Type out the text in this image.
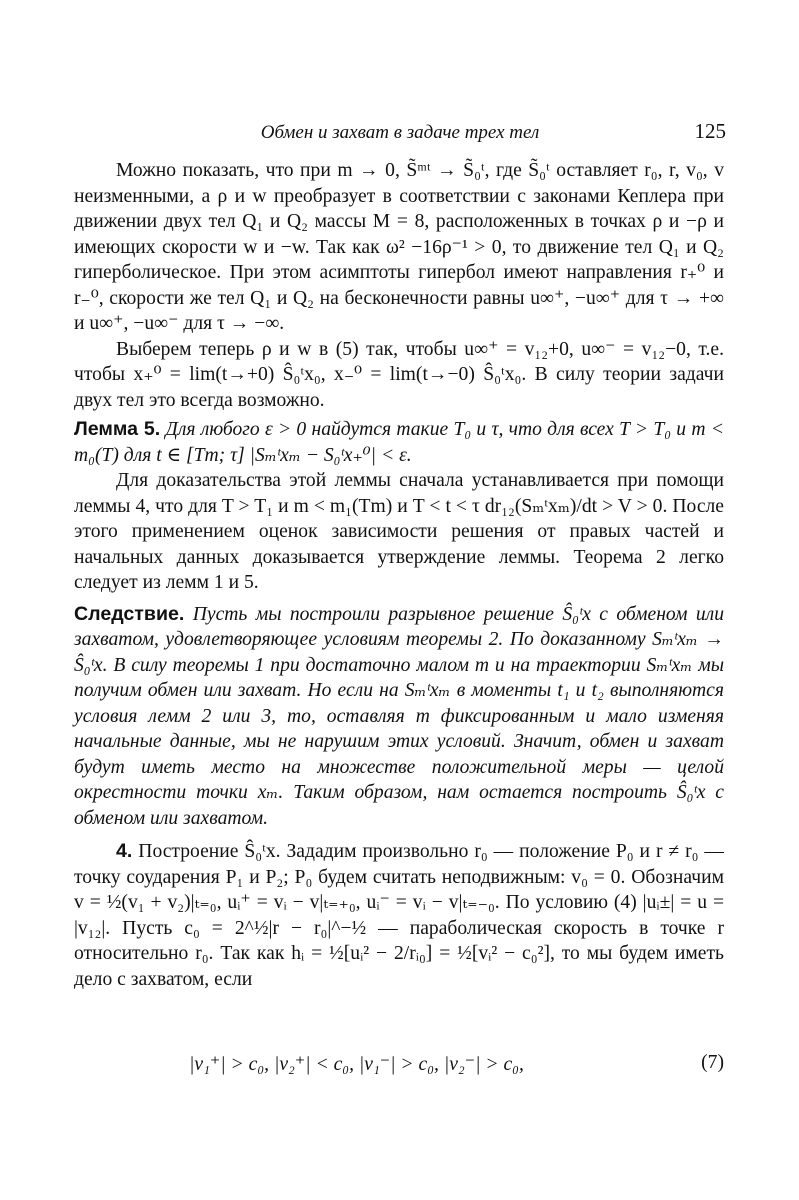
Обмен и захват в задаче трех тел	125

Можно показать, что при m → 0, S̃ᵐᵗ → S̃₀ᵗ, где S̃₀ᵗ оставляет r₀, r, v₀, v неизменными, а ρ и w преобразует в соответствии с законами Кеплера при движении двух тел Q₁ и Q₂ массы M = 8, расположенных в точках ρ и −ρ и имеющих скорости w и −w. Так как ω² −16ρ⁻¹ > 0, то движение тел Q₁ и Q₂ гиперболическое. При этом асимптоты гипербол имеют направления r₊⁰ и r₋⁰, скорости же тел Q₁ и Q₂ на бесконечности равны u∞⁺, −u∞⁺ для τ → +∞ и u∞⁺, −u∞⁻ для τ → −∞.

Выберем теперь ρ и w в (5) так, чтобы u∞⁺ = v₁₂+0, u∞⁻ = v₁₂−0, т.е. чтобы x₊⁰ = lim(t→+0) Ŝ₀ᵗx₀, x₋⁰ = lim(t→−0) Ŝ₀ᵗx₀. В силу теории задачи двух тел это всегда возможно.

Лемма 5. Для любого ε > 0 найдутся такие T₀ и τ, что для всех T > T₀ и m < m₀(T) для t ∈ [Tm; τ] |Sₘᵗxₘ − S₀ᵗx₊⁰| < ε.

Для доказательства этой леммы сначала устанавливается при помощи леммы 4, что для T > T₁ и m < m₁(Tm) и T < t < τ dr₁₂(Sₘᵗxₘ)/dt > V > 0. После этого применением оценок зависимости решения от правых частей и начальных данных доказывается утверждение леммы. Теорема 2 легко следует из лемм 1 и 5.

Следствие. Пусть мы построили разрывное решение Ŝ₀ᵗx с обменом или захватом, удовлетворяющее условиям теоремы 2. По доказанному Sₘᵗxₘ → Ŝ₀ᵗx. В силу теоремы 1 при достаточно малом m и на траектории Sₘᵗxₘ мы получим обмен или захват. Но если на Sₘᵗxₘ в моменты t₁ и t₂ выполняются условия лемм 2 или 3, то, оставляя m фиксированным и мало изменяя начальные данные, мы не нарушим этих условий. Значит, обмен и захват будут иметь место на множестве положительной меры — целой окрестности точки xₘ. Таким образом, нам остается построить Ŝ₀ᵗx с обменом или захватом.

4. Построение Ŝ₀ᵗx. Зададим произвольно r₀ — положение P₀ и r ≠ r₀ — точку соударения P₁ и P₂; P₀ будем считать неподвижным: v₀ = 0. Обозначим v = ½(v₁ + v₂)|ₜ₌₀, uᵢ⁺ = vᵢ − v|ₜ₌₊₀, uᵢ⁻ = vᵢ − v|ₜ₌₋₀. По условию (4) |uᵢ±| = u = |v₁₂|. Пусть c₀ = 2^½|r − r₀|^−½ — параболическая скорость в точке r относительно r₀. Так как hᵢ = ½[uᵢ² − 2/rᵢ₀] = ½[vᵢ² − c₀²], то мы будем иметь дело с захватом, если

|v₁⁺| > c₀, |v₂⁺| < c₀, |v₁⁻| > c₀, |v₂⁻| > c₀,	(7)
